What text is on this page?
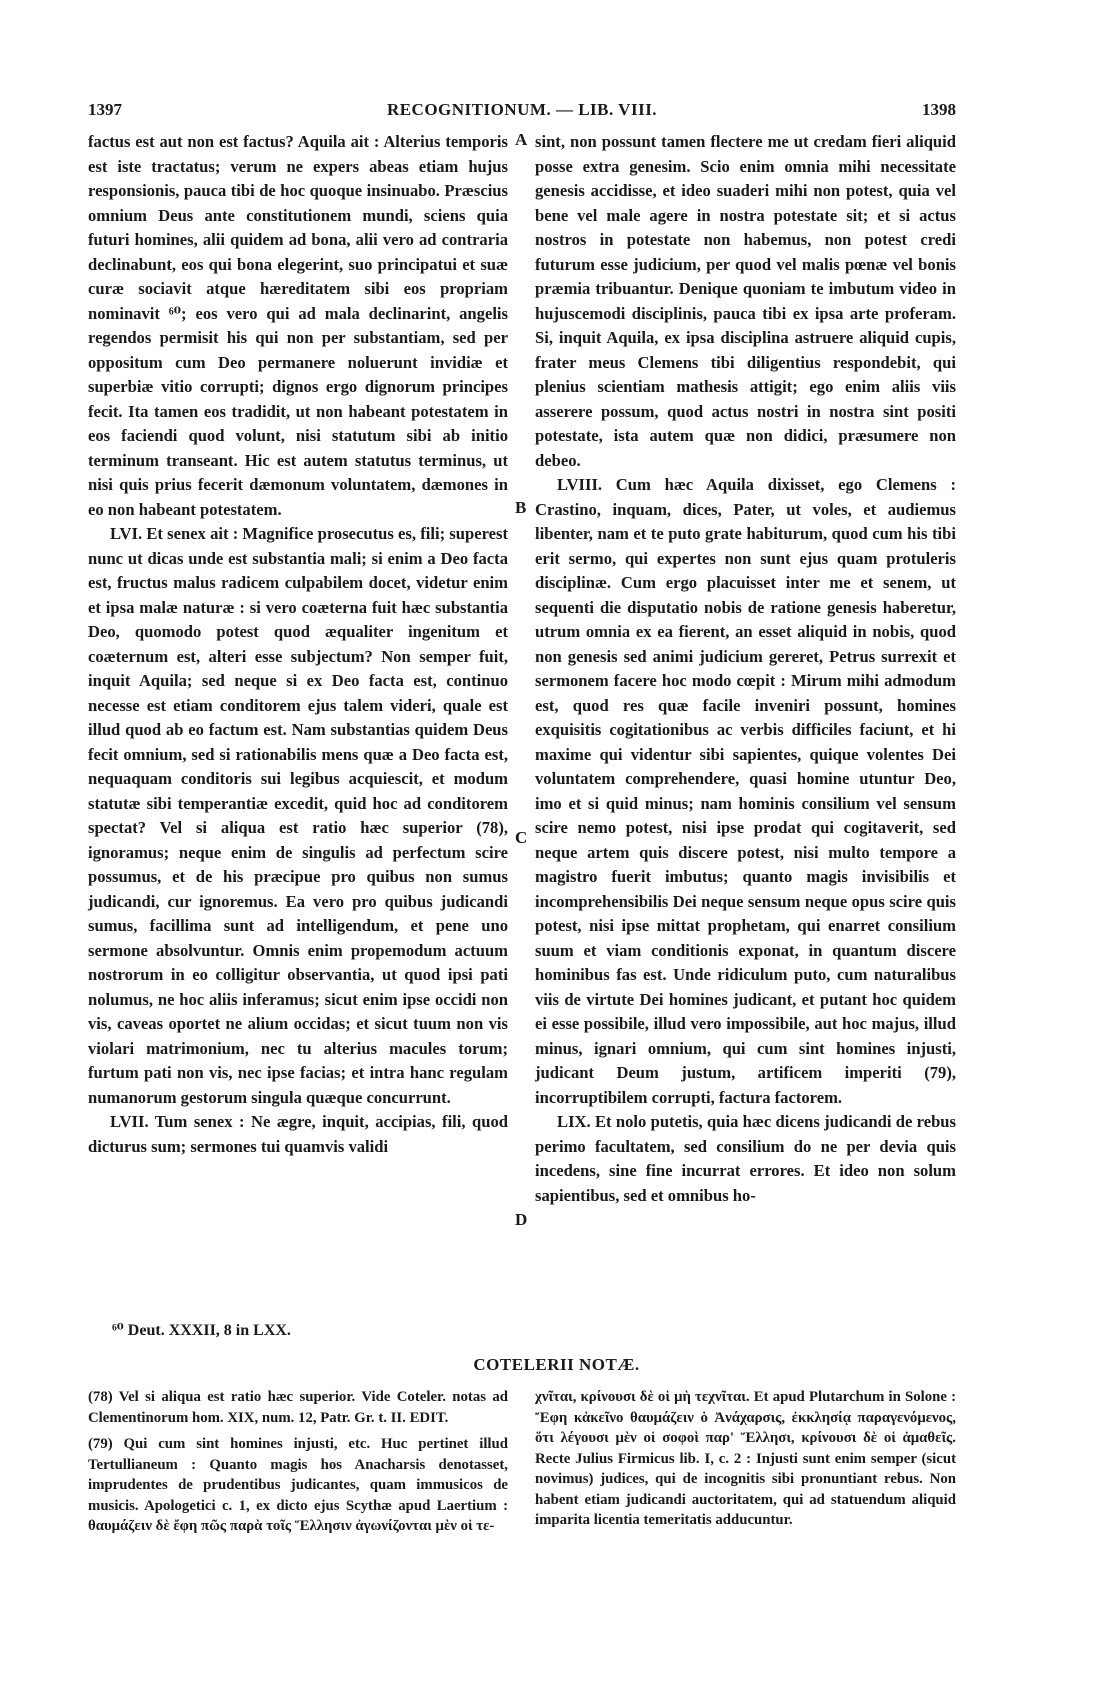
1397	RECOGNITIONUM. — LIB. VIII.	1398

factus est aut non est factus? Aquila ait : Alterius temporis est iste tractatus; verum ne expers abeas etiam hujus responsionis, pauca tibi de hoc quoque insinuabo. Præscius omnium Deus ante constitutionem mundi, sciens quia futuri homines, alii quidem ad bona, alii vero ad contraria declinabunt, eos qui bona elegerint, suo principatui et suæ curæ sociavit atque hæreditatem sibi eos propriam nominavit ⁶⁰; eos vero qui ad mala declinarint, angelis regendos permisit his qui non per substantiam, sed per oppositum cum Deo permanere noluerunt invidiæ et superbiæ vitio corrupti; dignos ergo dignorum principes fecit. Ita tamen eos tradidit, ut non habeant potestatem in eos faciendi quod volunt, nisi statutum sibi ab initio terminum transeant. Hic est autem statutus terminus, ut nisi quis prius fecerit dæmonum voluntatem, dæmones in eo non habeant potestatem.

LVI. Et senex ait : Magnifice prosecutus es, fili; superest nunc ut dicas unde est substantia mali; si enim a Deo facta est, fructus malus radicem culpabilem docet, videtur enim et ipsa malæ naturæ : si vero coæterna fuit hæc substantia Deo, quomodo potest quod æqualiter ingenitum et coæternum est, alteri esse subjectum? Non semper fuit, inquit Aquila; sed neque si ex Deo facta est, continuo necesse est etiam conditorem ejus talem videri, quale est illud quod ab eo factum est. Nam substantias quidem Deus fecit omnium, sed si rationabilis mens quæ a Deo facta est, nequaquam conditoris sui legibus acquiescit, et modum statutæ sibi temperantiæ excedit, quid hoc ad conditorem spectat? Vel si aliqua est ratio hæc superior (78), ignoramus; neque enim de singulis ad perfectum scire possumus, et de his præcipue pro quibus non sumus judicandi, cur ignoremus. Ea vero pro quibus judicandi sumus, facillima sunt ad intelligendum, et pene uno sermone absolvuntur. Omnis enim propemodum actuum nostrorum in eo colligitur observantia, ut quod ipsi pati nolumus, ne hoc aliis inferamus; sicut enim ipse occidi non vis, caveas oportet ne alium occidas; et sicut tuum non vis violari matrimonium, nec tu alterius macules torum; furtum pati non vis, nec ipse facias; et intra hanc regulam numanorum gestorum singula quæque concurrunt.

LVII. Tum senex : Ne ægre, inquit, accipias, fili, quod dicturus sum; sermones tui quamvis validi

sint, non possunt tamen flectere me ut credam fieri aliquid posse extra genesim. Scio enim omnia mihi necessitate genesis accidisse, et ideo suaderi mihi non potest, quia vel bene vel male agere in nostra potestate sit; et si actus nostros in potestate non habemus, non potest credi futurum esse judicium, per quod vel malis pœnæ vel bonis præmia tribuantur. Denique quoniam te imbutum video in hujuscemodi disciplinis, pauca tibi ex ipsa arte proferam. Si, inquit Aquila, ex ipsa disciplina astruere aliquid cupis, frater meus Clemens tibi diligentius respondebit, qui plenius scientiam mathesis attigit; ego enim aliis viis asserere possum, quod actus nostri in nostra sint positi potestate, ista autem quæ non didici, præsumere non debeo.

LVIII. Cum hæc Aquila dixisset, ego Clemens : Crastino, inquam, dices, Pater, ut voles, et audiemus libenter, nam et te puto grate habiturum, quod cum his tibi erit sermo, qui expertes non sunt ejus quam protuleris disciplinæ. Cum ergo placuisset inter me et senem, ut sequenti die disputatio nobis de ratione genesis haberetur, utrum omnia ex ea fierent, an esset aliquid in nobis, quod non genesis sed animi judicium gereret, Petrus surrexit et sermonem facere hoc modo cœpit : Mirum mihi admodum est, quod res quæ facile inveniri possunt, homines exquisitis cogitationibus ac verbis difficiles faciunt, et hi maxime qui videntur sibi sapientes, quique volentes Dei voluntatem comprehendere, quasi homine utuntur Deo, imo et si quid minus; nam hominis consilium vel sensum scire nemo potest, nisi ipse prodat qui cogitaverit, sed neque artem quis discere potest, nisi multo tempore a magistro fuerit imbutus; quanto magis invisibilis et incomprehensibilis Dei neque sensum neque opus scire quis potest, nisi ipse mittat prophetam, qui enarret consilium suum et viam conditionis exponat, in quantum discere hominibus fas est. Unde ridiculum puto, cum naturalibus viis de virtute Dei homines judicant, et putant hoc quidem ei esse possibile, illud vero impossibile, aut hoc majus, illud minus, ignari omnium, qui cum sint homines injusti, judicant Deum justum, artificem imperiti (79), incorruptibilem corrupti, factura factorem.

LIX. Et nolo putetis, quia hæc dicens judicandi de rebus perimo facultatem, sed consilium do ne per devia quis incedens, sine fine incurrat errores. Et ideo non solum sapientibus, sed et omnibus ho-

A
B
C
D
⁶⁰ Deut. XXXII, 8 in LXX.
COTELERII NOTÆ.

(78) Vel si aliqua est ratio hæc superior. Vide Coteler. notas ad Clementinorum hom. XIX, num. 12, Patr. Gr. t. II. EDIT.

(79) Qui cum sint homines injusti, etc. Huc pertinet illud Tertullianeum : Quanto magis hos Anacharsis denotasset, imprudentes de prudentibus judicantes, quam immusicos de musicis. Apologetici c. 1, ex dicto ejus Scythæ apud Laertium : θαυμάζειν δὲ ἔφη πῶς παρὰ τοῖς Ἕλλησιν ἀγωνίζονται μὲν οἱ τε-

χνῖται, κρίνουσι δὲ οἱ μὴ τεχνῖται. Et apud Plutarchum in Solone : Ἔφη κἀκεῖνο θαυμάζειν ὁ Ἀνάχαρσις, ἐκκλησίᾳ παραγενόμενος, ὅτι λέγουσι μὲν οἱ σοφοὶ παρ' Ἕλλησι, κρίνουσι δὲ οἱ ἀμαθεῖς. Recte Julius Firmicus lib. I, c. 2 : Injusti sunt enim semper (sicut novimus) judices, qui de incognitis sibi pronuntiant rebus. Non habent etiam judicandi auctoritatem, qui ad statuendum aliquid imparita licentia temeritatis adducuntur.
